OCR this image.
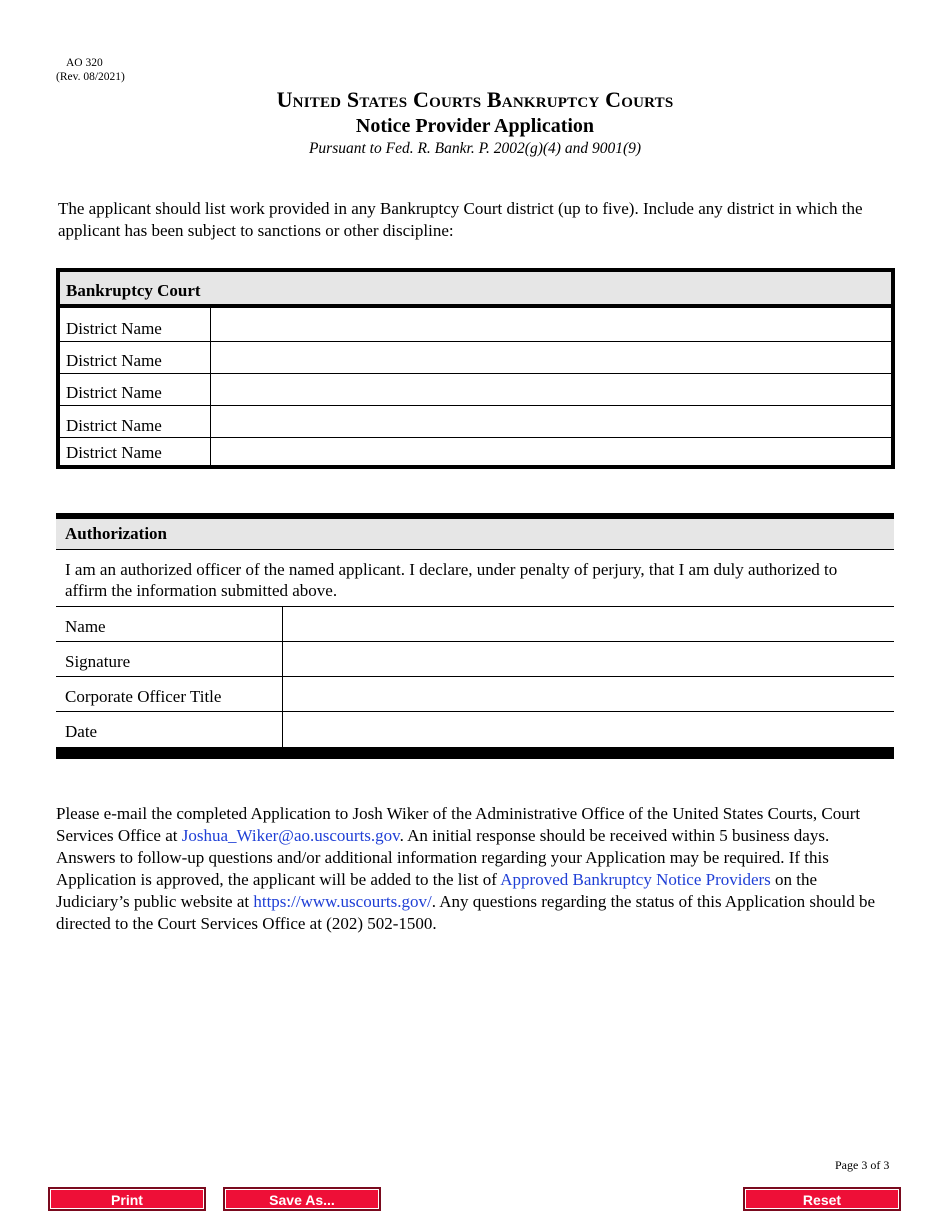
AO 320
(Rev. 08/2021)
United States Courts Bankruptcy Courts
Notice Provider Application
Pursuant to Fed. R. Bankr. P. 2002(g)(4) and 9001(9)
The applicant should list work provided in any Bankruptcy Court district (up to five). Include any district in which the applicant has been subject to sanctions or other discipline:
Bankruptcy Court
District Name
District Name
District Name
District Name
District Name
Authorization
I am an authorized officer of the named applicant. I declare, under penalty of perjury, that I am duly authorized to affirm the information submitted above.
Name
Signature
Corporate Officer Title
Date
Please e-mail the completed Application to Josh Wiker of the Administrative Office of the United States Courts, Court Services Office at Joshua_Wiker@ao.uscourts.gov. An initial response should be received within 5 business days. Answers to follow-up questions and/or additional information regarding your Application may be required. If this Application is approved, the applicant will be added to the list of Approved Bankruptcy Notice Providers on the Judiciary’s public website at https://www.uscourts.gov/. Any questions regarding the status of this Application should be directed to the Court Services Office at (202) 502-1500.
Page 3 of 3
Print	Save As...	Reset
